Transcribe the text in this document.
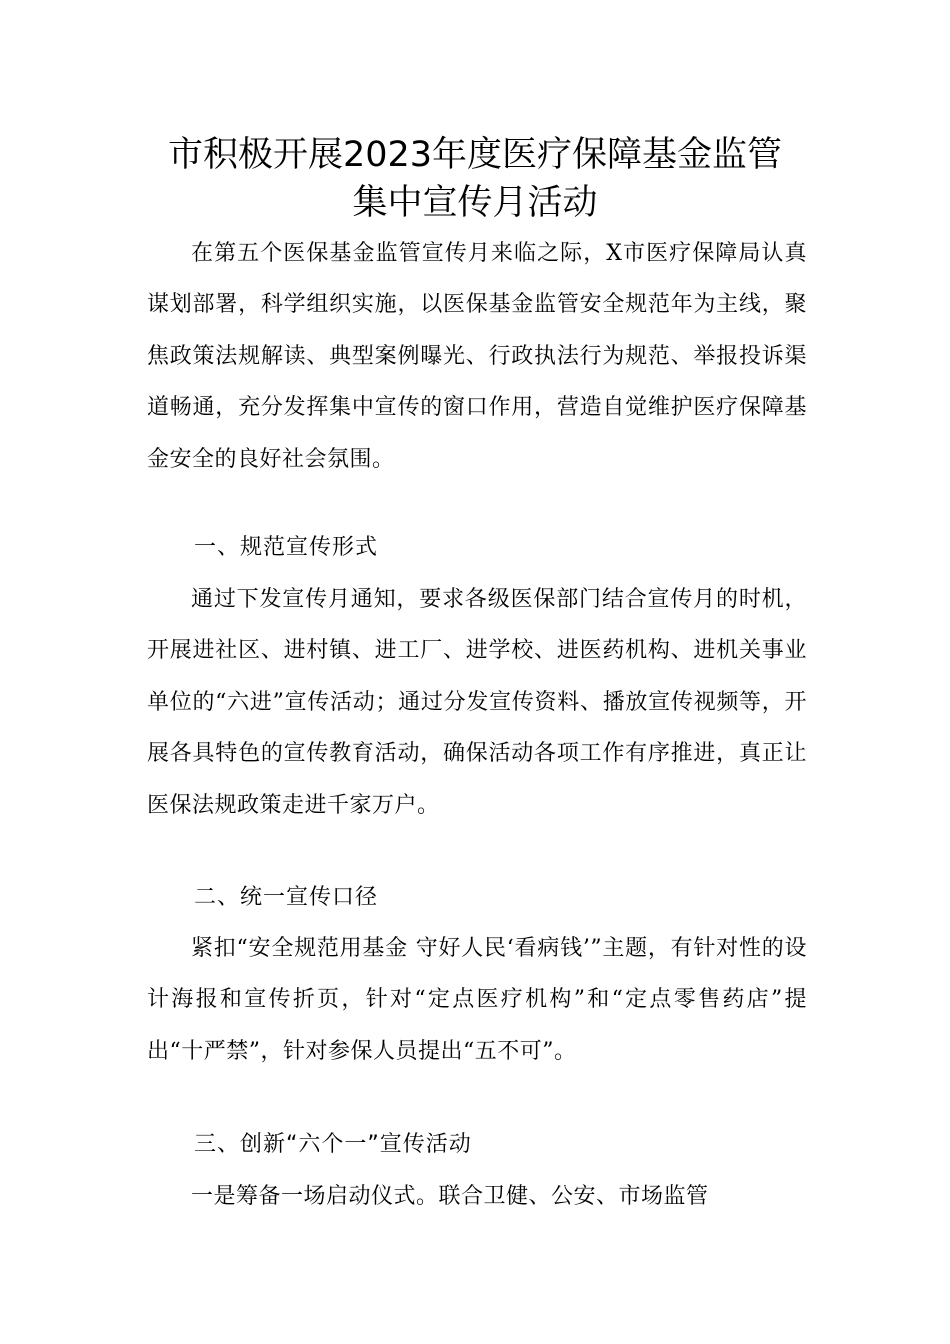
市积极开展2023年度医疗保障基金监管
集中宣传月活动

在第五个医保基金监管宣传月来临之际，X市医疗保障局认真谋划部署，科学组织实施，以医保基金监管安全规范年为主线，聚焦政策法规解读、典型案例曝光、行政执法行为规范、举报投诉渠道畅通，充分发挥集中宣传的窗口作用，营造自觉维护医疗保障基金安全的良好社会氛围。

一、规范宣传形式

通过下发宣传月通知，要求各级医保部门结合宣传月的时机，开展进社区、进村镇、进工厂、进学校、进医药机构、进机关事业单位的“六进”宣传活动；通过分发宣传资料、播放宣传视频等，开展各具特色的宣传教育活动，确保活动各项工作有序推进，真正让医保法规政策走进千家万户。

二、统一宣传口径

紧扣“安全规范用基金 守好人民‘看病钱’”主题，有针对性的设计海报和宣传折页，针对“定点医疗机构”和“定点零售药店”提出“十严禁”，针对参保人员提出“五不可”。

三、创新“六个一”宣传活动

一是筹备一场启动仪式。联合卫健、公安、市场监管
